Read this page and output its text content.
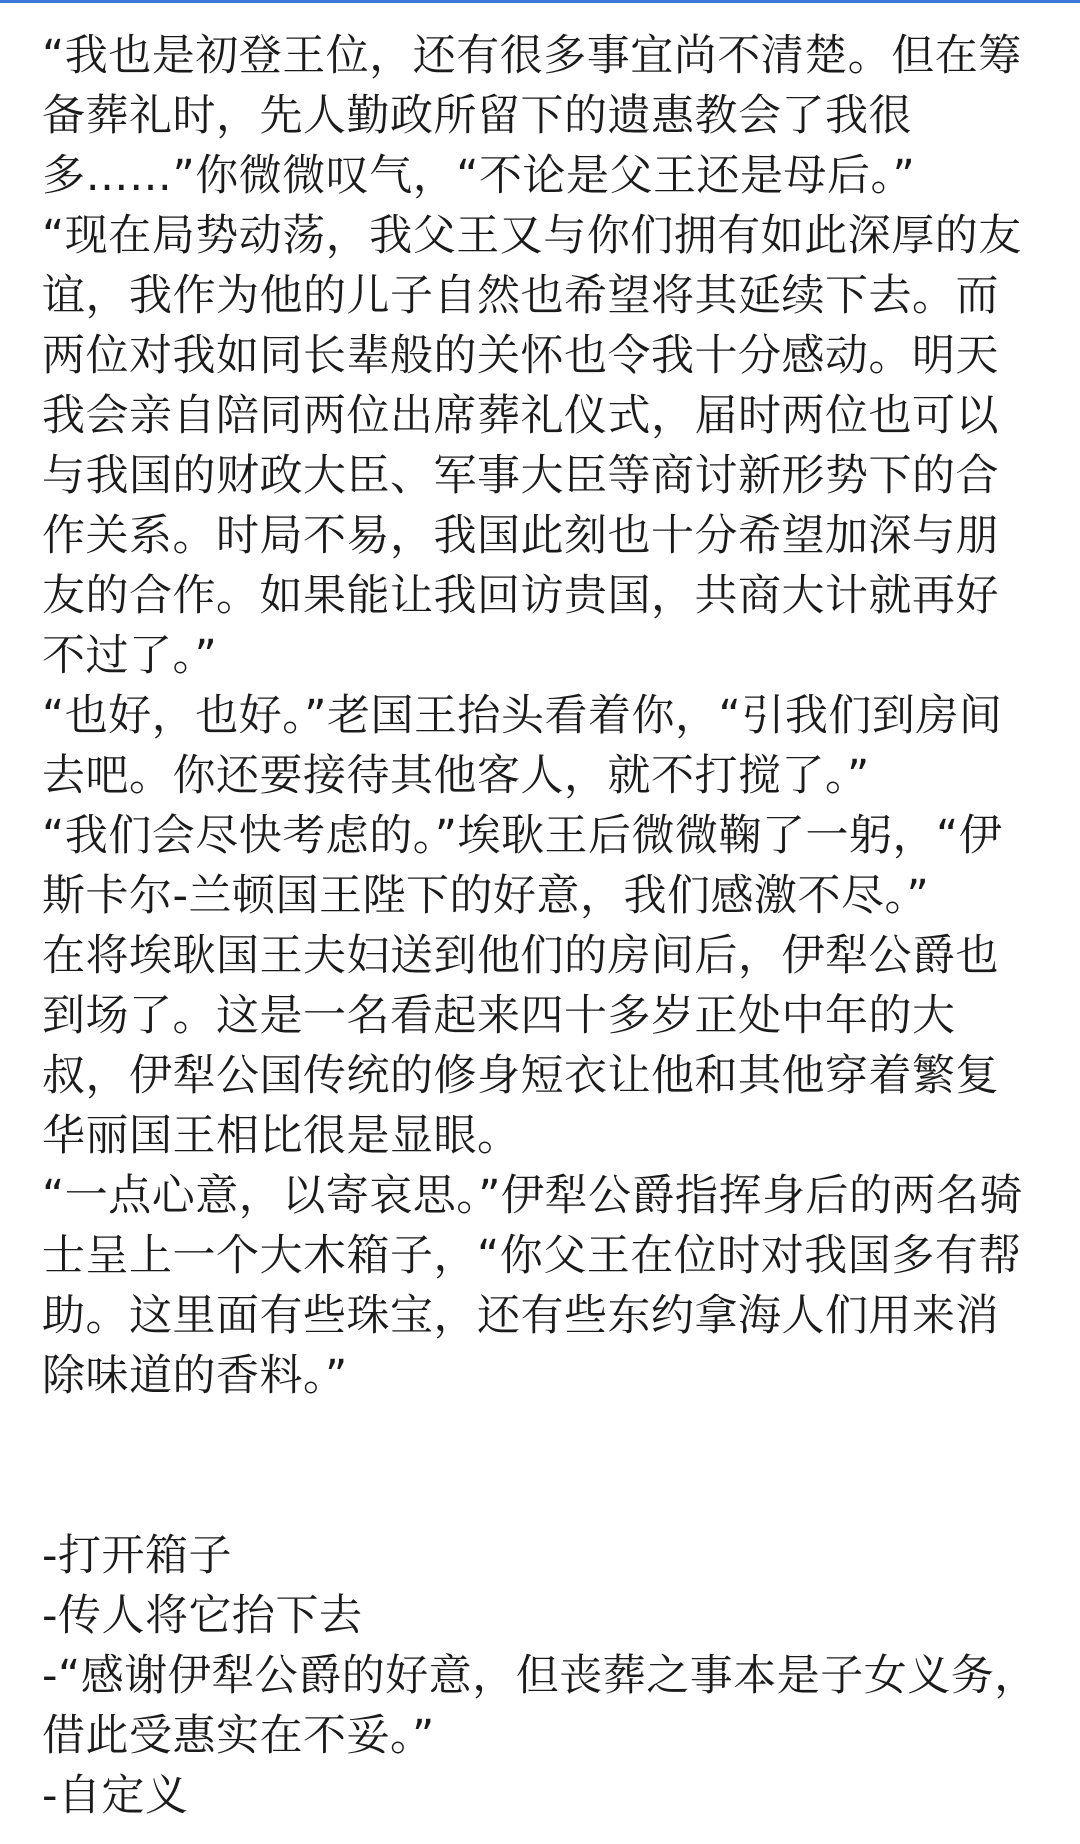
“我也是初登王位，还有很多事宜尚不清楚。但在筹备葬礼时，先人勤政所留下的遗惠教会了我很多……”你微微叹气，“不论是父王还是母后。”

“现在局势动荡，我父王又与你们拥有如此深厚的友谊，我作为他的儿子自然也希望将其延续下去。而两位对我如同长辈般的关怀也令我十分感动。明天我会亲自陪同两位出席葬礼仪式，届时两位也可以与我国的财政大臣、军事大臣等商讨新形势下的合作关系。时局不易，我国此刻也十分希望加深与朋友的合作。如果能让我回访贵国，共商大计就再好不过了。”

“也好，也好。”老国王抬头看着你，“引我们到房间去吧。你还要接待其他客人，就不打搅了。”

“我们会尽快考虑的。”埃耿王后微微鞠了一躬，“伊斯卡尔-兰顿国王陛下的好意，我们感激不尽。”

在将埃耿国王夫妇送到他们的房间后，伊犁公爵也到场了。这是一名看起来四十多岁正处中年的大叔，伊犁公国传统的修身短衣让他和其他穿着繁复华丽国王相比很是显眼。

“一点心意，以寄哀思。”伊犁公爵指挥身后的两名骑士呈上一个大木箱子，“你父王在位时对我国多有帮助。这里面有些珠宝，还有些东约拿海人们用来消除味道的香料。”

-打开箱子

-传人将它抬下去

-“感谢伊犁公爵的好意，但丧葬之事本是子女义务，借此受惠实在不妥。”

-自定义
